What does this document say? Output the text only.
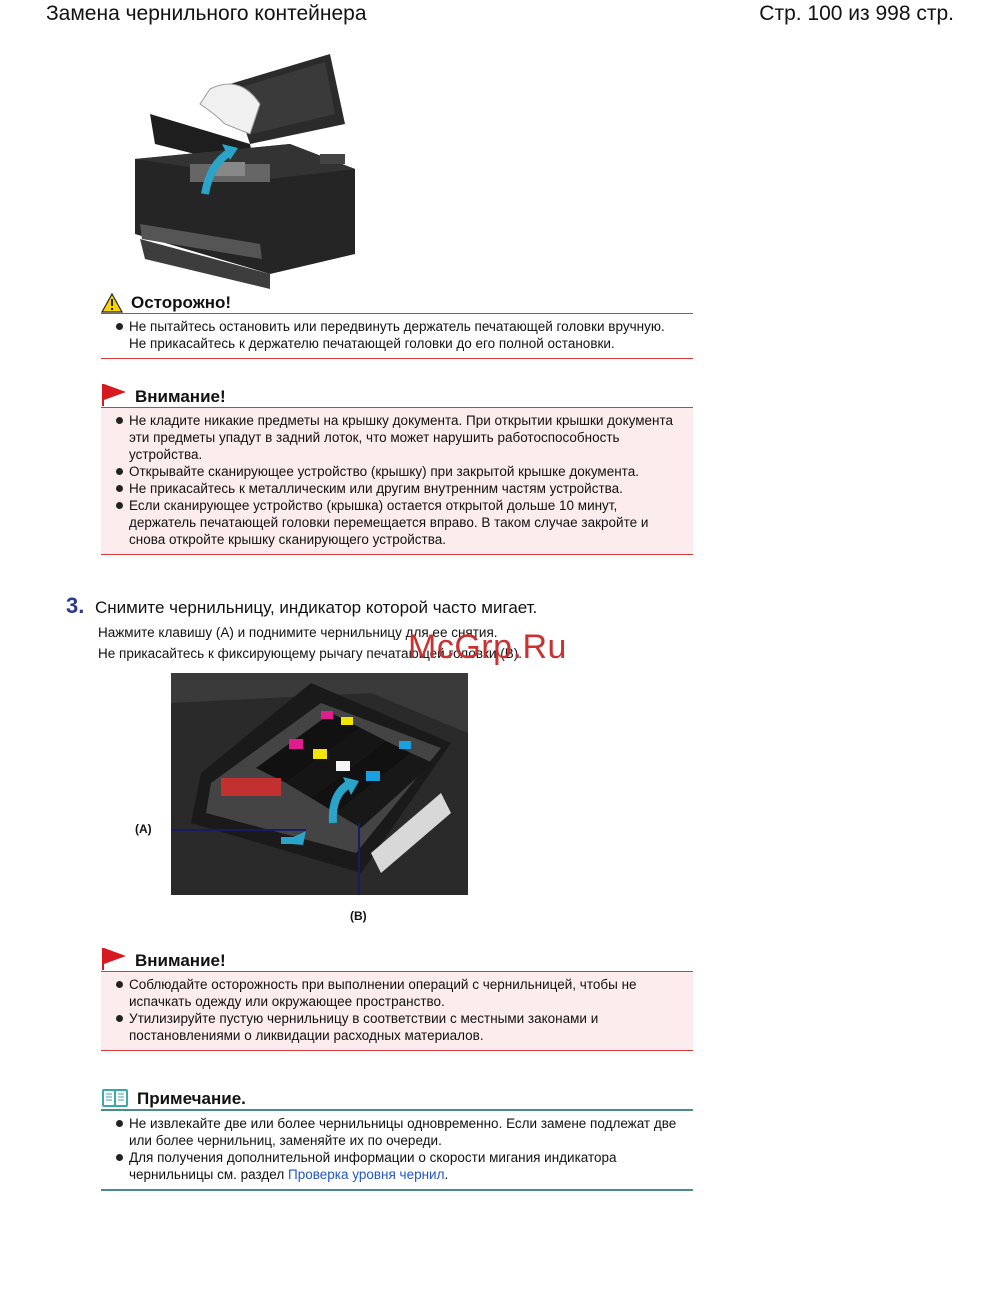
Замена чернильного контейнера	Стр. 100 из 998 стр.
Осторожно!
Не пытайтесь остановить или передвинуть держатель печатающей головки вручную. Не прикасайтесь к держателю печатающей головки до его полной остановки.
Внимание!
Не кладите никакие предметы на крышку документа. При открытии крышки документа эти предметы упадут в задний лоток, что может нарушить работоспособность устройства.
Открывайте сканирующее устройство (крышку) при закрытой крышке документа.
Не прикасайтесь к металлическим или другим внутренним частям устройства.
Если сканирующее устройство (крышка) остается открытой дольше 10 минут, держатель печатающей головки перемещается вправо. В таком случае закройте и снова откройте крышку сканирующего устройства.
3. Снимите чернильницу, индикатор которой часто мигает.
Нажмите клавишу (A) и поднимите чернильницу для ее снятия.
Не прикасайтесь к фиксирующему рычагу печатающей головки (B).
McGrp.Ru
(A)
(B)
Внимание!
Соблюдайте осторожность при выполнении операций с чернильницей, чтобы не испачкать одежду или окружающее пространство.
Утилизируйте пустую чернильницу в соответствии с местными законами и постановлениями о ликвидации расходных материалов.
Примечание.
Не извлекайте две или более чернильницы одновременно. Если замене подлежат две или более чернильниц, заменяйте их по очереди.
Для получения дополнительной информации о скорости мигания индикатора чернильницы см. раздел Проверка уровня чернил.
